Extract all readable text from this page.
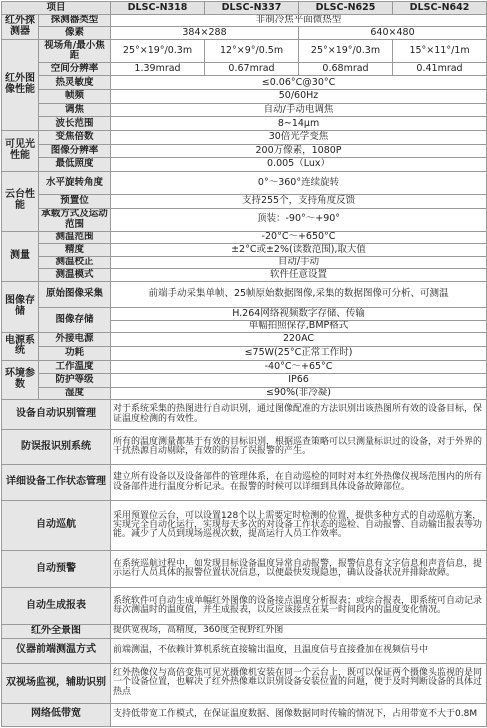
项目		DLSC-N318	DLSC-N337	DLSC-N625	DLSC-N642
红外探测器	探测器类型	非制冷焦平面微热型			
	像素	384×288		640×480	
红外图像性能	视场角/最小焦距	25°×19°/0.3m	12°×9°/0.5m	25°×19°/0.3m	15°×11°/1m
	空间分辨率	1.39mrad	0.67mrad	0.68mrad	0.41mrad
	热灵敏度	≤0.06°C@30°C			
	帧频	50/60Hz			
	调焦	自动/手动电调焦			
	波长范围	8~14μm			
可见光性能	变焦倍数	30倍光学变焦			
	图像分辨率	200万像素，1080P			
	最低照度	0.005（Lux）			
云台性能	水平旋转角度	0°～360°连续旋转			
	预置位	支持255个，支持角度反馈			
	承载方式及运动范围	顶装：-90°～+90°			
测量	测温范围	-20°C～+650°C			
	精度	±2°C或±2%(读数范围),取大值			
	测温校正	自动/手动			
	测温模式	软件任意设置			
图像存储	原始图像采集	前端手动采集单帧、25帧原始数据图像,采集的数据图像可分析、可测温			
	图像存储	H.264网络视频数字存储、传输			
		单幅拍照保存,BMP格式			
电源系统	外接电源	220AC			
	功耗	≤75W(25°C正常工作时)			
环境参数	工作温度	-40°C～+65°C			
	防护等级	IP66			
	湿度	≤90%(非冷凝)			
设备自动识别管理		对于系统采集的热图进行自动识别，通过图像配准的方法识别出该热图所有效的设备目标，保证温度检测的有效性。			
防误报识别系统		所有的温度测量都基于有效的目标识别，根据巡查策略可以只测量标识过的设备，对于外界的干扰热源自动剔除，有效的防治了误报警的产生。			
详细设备工作状态管理		建立所有设备以及设备部件的管理体系，在自动巡检的同时对本红外热像仪视场范围内的所有设备部件进行温度分析记录。在报警的时候可以详细到具体设备故障部位。			
自动巡航		采用预置位云台，可以设置128个以上需要定时检测的位置，提供多种方式的自动巡航方案，实现完全自动化运行，实现每天多次的对设备工作状态的巡检、自动报警、自动输出报表等功能。减少了人员到现场巡视次数，提高运行人员工作效率。			
自动预警		在系统巡航过程中，如发现目标设备温度异常自动报警，报警信息有文字信息和声音信息，提示运行人员具体的报警位置状况信息，以便最快发现隐患，确认设备状况并排除故障。			
自动生成报表		系统软件可自动生成单幅红外图像的设备接点温度分析报表；或综合报表，即系统可自动记录每次测温时的温度值，并生成报表，以反应该接点在某一时间段内的温度变化情况。			
红外全景图		提供宽视场，高精度，360度全视野红外图			
仪器前端测温方式		前端测温，不依赖计算机系统直接输出温度，且温度信号直接叠加在视频信号中			
双视场监视，辅助识别		红外热像仪与高倍变焦可见光摄像机安装在同一个云台上，既可以保证两个摄像头监视的是同一个设备位置，也解决了红外热像难以识别设备安装位置的问题，便于及时判断设备的具体过热点			
网络低带宽		支持低带宽工作模式，在保证温度数据、图像数据同时传输的情况下，占用带宽不大于0.8M			
